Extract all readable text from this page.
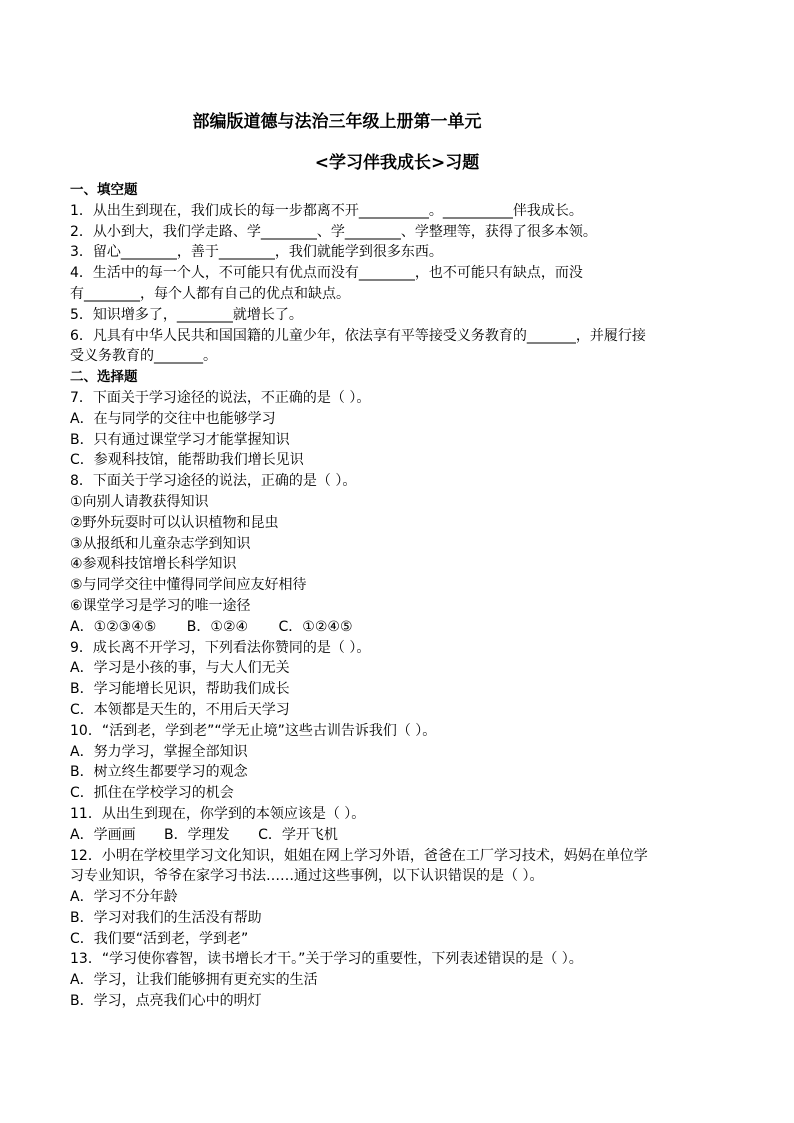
部编版道德与法治三年级上册第一单元
<学习伴我成长>习题
一、填空题
1．从出生到现在，我们成长的每一步都离不开__________。__________伴我成长。
2．从小到大，我们学走路、学________、学________、学整理等，获得了很多本领。
3．留心________，善于________，我们就能学到很多东西。
4．生活中的每一个人，不可能只有优点而没有________，也不可能只有缺点，而没
有________，每个人都有自己的优点和缺点。
5．知识增多了，________就增长了。
6．凡具有中华人民共和国国籍的儿童少年，依法享有平等接受义务教育的_______，并履行接
受义务教育的_______。
二、选择题
7．下面关于学习途径的说法，不正确的是（ ）。
A．在与同学的交往中也能够学习
B．只有通过课堂学习才能掌握知识
C．参观科技馆，能帮助我们增长见识
8．下面关于学习途径的说法，正确的是（ ）。
①向别人请教获得知识
②野外玩耍时可以认识植物和昆虫
③从报纸和儿童杂志学到知识
④参观科技馆增长科学知识
⑤与同学交往中懂得同学间应友好相待
⑥课堂学习是学习的唯一途径
A．①②③④⑤ B．①②④ C．①②④⑤
9．成长离不开学习，下列看法你赞同的是（ ）。
A．学习是小孩的事，与大人们无关
B．学习能增长见识，帮助我们成长
C．本领都是天生的，不用后天学习
10．“活到老，学到老”“学无止境”这些古训告诉我们（ ）。
A．努力学习，掌握全部知识
B．树立终生都要学习的观念
C．抓住在学校学习的机会
11．从出生到现在，你学到的本领应该是（ ）。
A．学画画 B．学理发 C．学开飞机
12．小明在学校里学习文化知识，姐姐在网上学习外语，爸爸在工厂学习技术，妈妈在单位学
习专业知识，爷爷在家学习书法……通过这些事例，以下认识错误的是（ ）。
A．学习不分年龄
B．学习对我们的生活没有帮助
C．我们要“活到老，学到老”
13．“学习使你睿智，读书增长才干。”关于学习的重要性，下列表述错误的是（ ）。
A．学习，让我们能够拥有更充实的生活
B．学习，点亮我们心中的明灯
